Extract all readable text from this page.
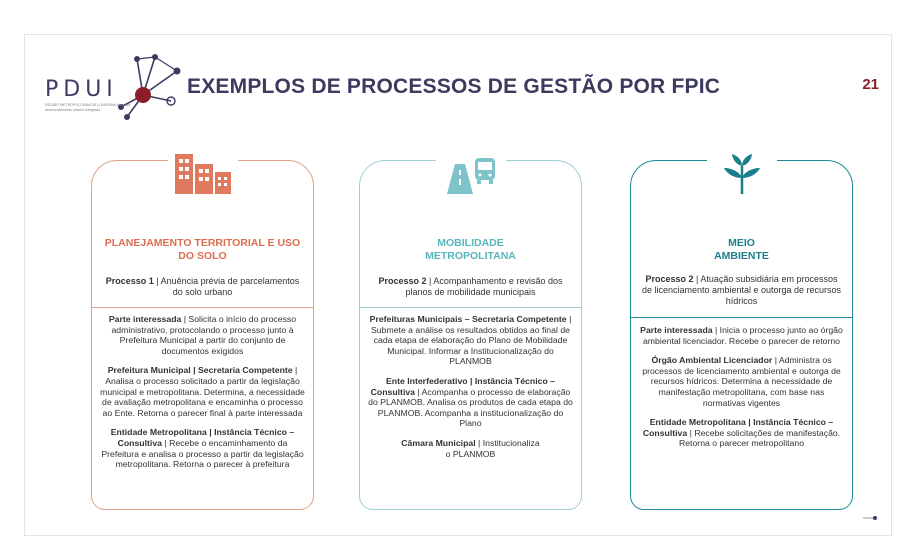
PDUI
REGIÃO METROPOLITANA DE LONDRINA plano de desenvolvimento urbano integrado
EXEMPLOS DE PROCESSOS DE GESTÃO POR FPIC	21
PLANEJAMENTO TERRITORIAL E USO DO SOLO
Processo 1 | Anuência prévia de parcelamentos do solo urbano
Parte interessada | Solicita o início do processo administrativo, protocolando o processo junto à Prefeitura Municipal a partir do conjunto de documentos exigidos
Prefeitura Municipal | Secretaria Competente | Analisa o processo solicitado a partir da legislação municipal e metropolitana. Determina, a necessidade de avaliação metropolitana e encaminha o processo ao Ente. Retorna o parecer final à parte interessada
Entidade Metropolitana | Instância Técnico – Consultiva | Recebe o encaminhamento da Prefeitura e analisa o processo a partir da legislação metropolitana. Retorna o parecer à prefeitura
MOBILIDADE METROPOLITANA
Processo 2 | Acompanhamento e revisão dos planos de mobilidade municipais
Prefeituras Municipais – Secretaria Competente | Submete a análise os resultados obtidos ao final de cada etapa de elaboração do Plano de Mobilidade Municipal. Informar a Institucionalização do PLANMOB
Ente Interfederativo | Instância Técnico – Consultiva | Acompanha o processo de elaboração do PLANMOB. Analisa os produtos de cada etapa do PLANMOB. Acompanha a institucionalização do Plano
Câmara Municipal | Institucionaliza o PLANMOB
MEIO AMBIENTE
Processo 2 | Atuação subsidiária em processos de licenciamento ambiental e outorga de recursos hídricos
Parte interessada | Inicia o processo junto ao órgão ambiental licenciador. Recebe o parecer de retorno
Órgão Ambiental Licenciador | Administra os processos de licenciamento ambiental e outorga de recursos hídricos. Determina a necessidade de manifestação metropolitana, com base nas normativas vigentes
Entidade Metropolitana | Instância Técnico – Consultiva | Recebe solicitações de manifestação. Retorna o parecer metropolitano
